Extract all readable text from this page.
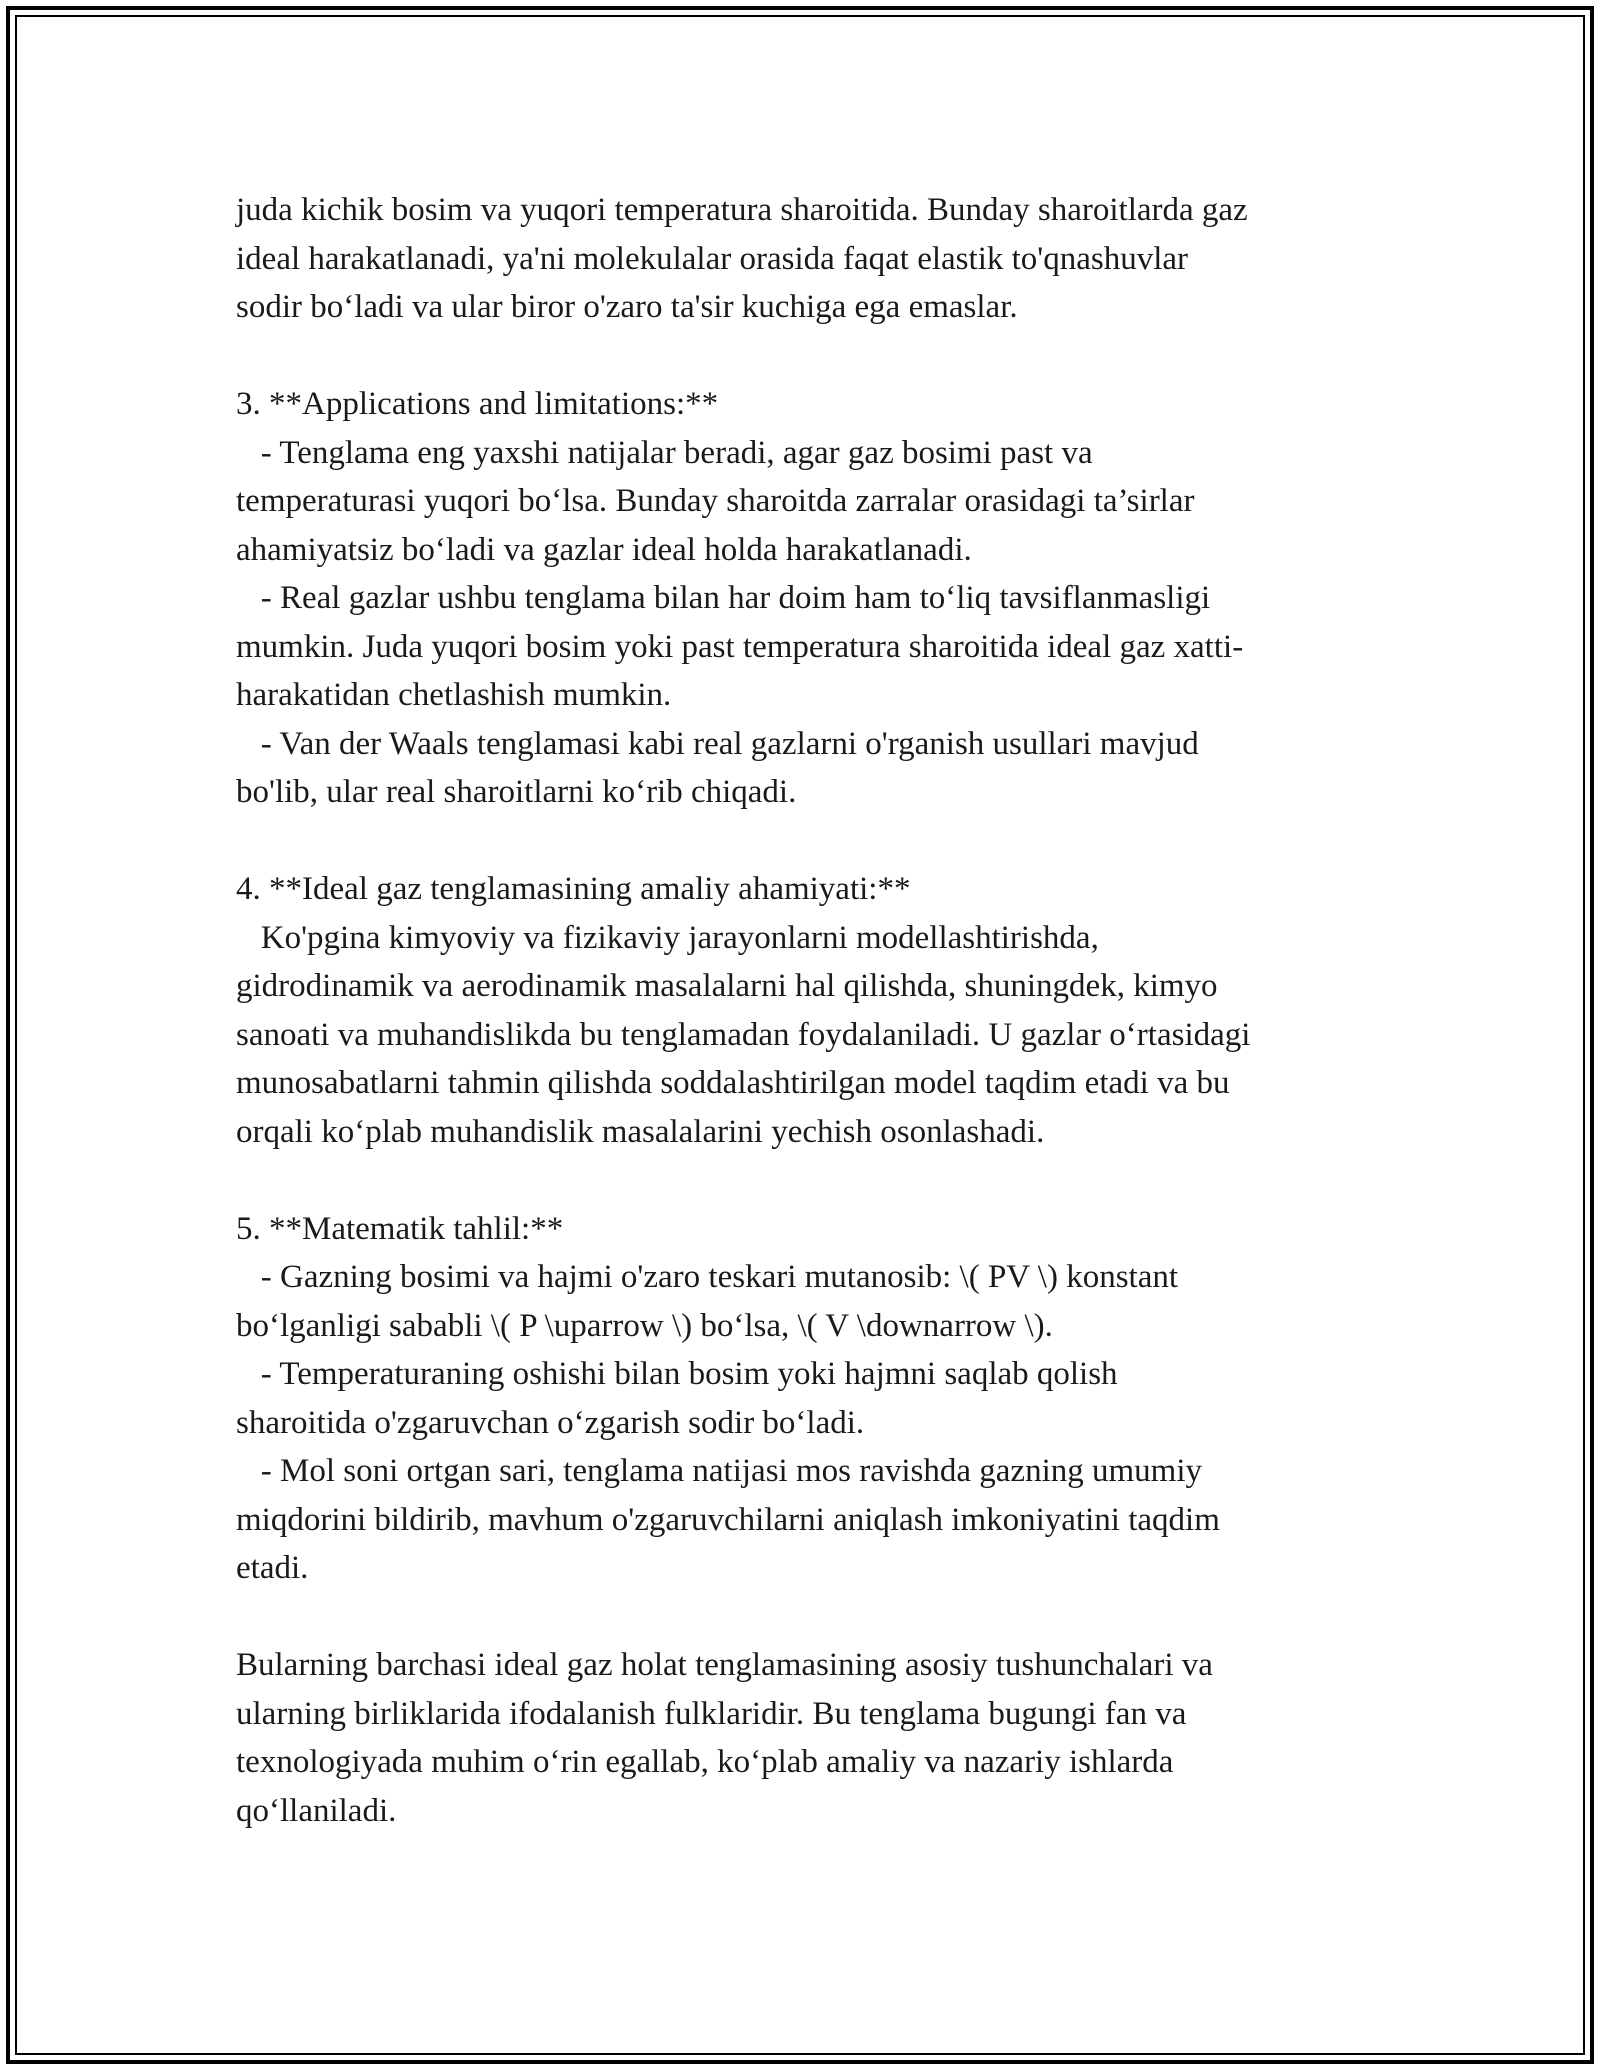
juda kichik bosim va yuqori temperatura sharoitida. Bunday sharoitlarda gaz
ideal harakatlanadi, ya'ni molekulalar orasida faqat elastik to'qnashuvlar
sodir bo‘ladi va ular biror o'zaro ta'sir kuchiga ega emaslar.
3. **Applications and limitations:**
- Tenglama eng yaxshi natijalar beradi, agar gaz bosimi past va
temperaturasi yuqori bo‘lsa. Bunday sharoitda zarralar orasidagi ta’sirlar
ahamiyatsiz bo‘ladi va gazlar ideal holda harakatlanadi.
- Real gazlar ushbu tenglama bilan har doim ham to‘liq tavsiflanmasligi
mumkin. Juda yuqori bosim yoki past temperatura sharoitida ideal gaz xatti-
harakatidan chetlashish mumkin.
- Van der Waals tenglamasi kabi real gazlarni o'rganish usullari mavjud
bo'lib, ular real sharoitlarni ko‘rib chiqadi.
4. **Ideal gaz tenglamasining amaliy ahamiyati:**
Ko'pgina kimyoviy va fizikaviy jarayonlarni modellashtirishda,
gidrodinamik va aerodinamik masalalarni hal qilishda, shuningdek, kimyo
sanoati va muhandislikda bu tenglamadan foydalaniladi. U gazlar o‘rtasidagi
munosabatlarni tahmin qilishda soddalashtirilgan model taqdim etadi va bu
orqali ko‘plab muhandislik masalalarini yechish osonlashadi.
5. **Matematik tahlil:**
- Gazning bosimi va hajmi o'zaro teskari mutanosib: \( PV \) konstant
bo‘lganligi sababli \( P \uparrow \) bo‘lsa, \( V \downarrow \).
- Temperaturaning oshishi bilan bosim yoki hajmni saqlab qolish
sharoitida o'zgaruvchan o‘zgarish sodir bo‘ladi.
- Mol soni ortgan sari, tenglama natijasi mos ravishda gazning umumiy
miqdorini bildirib, mavhum o'zgaruvchilarni aniqlash imkoniyatini taqdim
etadi.
Bularning barchasi ideal gaz holat tenglamasining asosiy tushunchalari va
ularning birliklarida ifodalanish fulklaridir. Bu tenglama bugungi fan va
texnologiyada muhim o‘rin egallab, ko‘plab amaliy va nazariy ishlarda
qo‘llaniladi.
